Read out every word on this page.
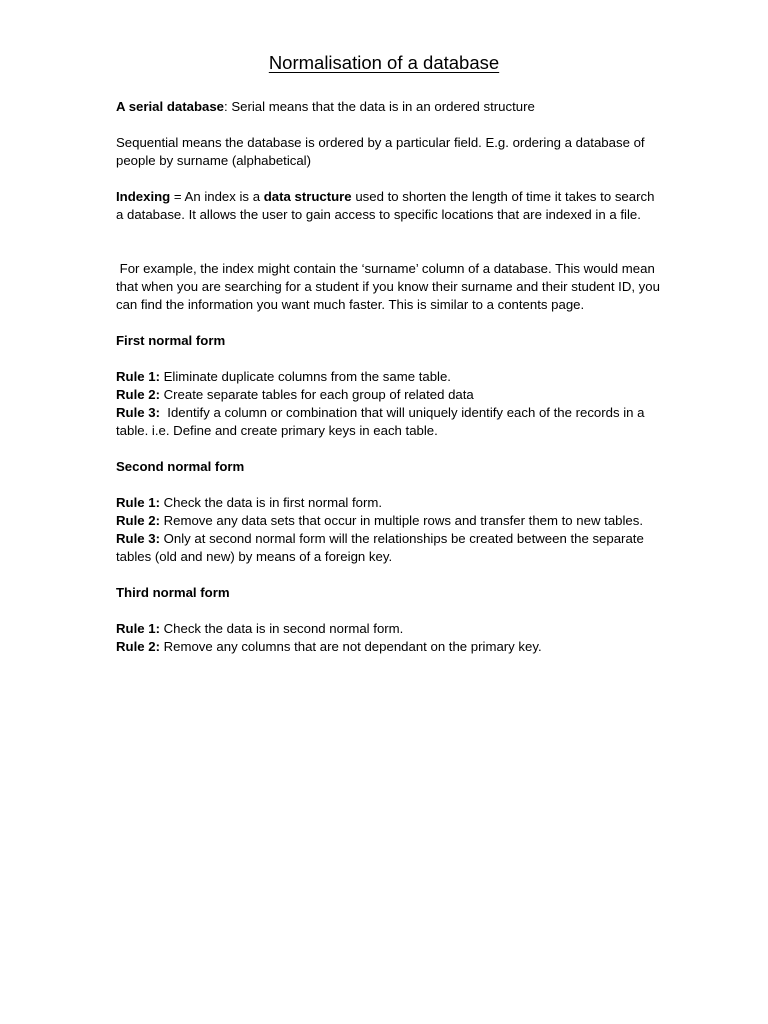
Normalisation of a database

A serial database: Serial means that the data is in an ordered structure

Sequential means the database is ordered by a particular field. E.g. ordering a database of people by surname (alphabetical)

Indexing = An index is a data structure used to shorten the length of time it takes to search a database. It allows the user to gain access to specific locations that are indexed in a file.

For example, the index might contain the ‘surname’ column of a database. This would mean that when you are searching for a student if you know their surname and their student ID, you can find the information you want much faster. This is similar to a contents page.

First normal form

Rule 1: Eliminate duplicate columns from the same table.

Rule 2: Create separate tables for each group of related data

Rule 3:  Identify a column or combination that will uniquely identify each of the records in a table. i.e. Define and create primary keys in each table.

Second normal form

Rule 1: Check the data is in first normal form.

Rule 2: Remove any data sets that occur in multiple rows and transfer them to new tables.

Rule 3: Only at second normal form will the relationships be created between the separate tables (old and new) by means of a foreign key.

Third normal form

Rule 1: Check the data is in second normal form.

Rule 2: Remove any columns that are not dependant on the primary key.
